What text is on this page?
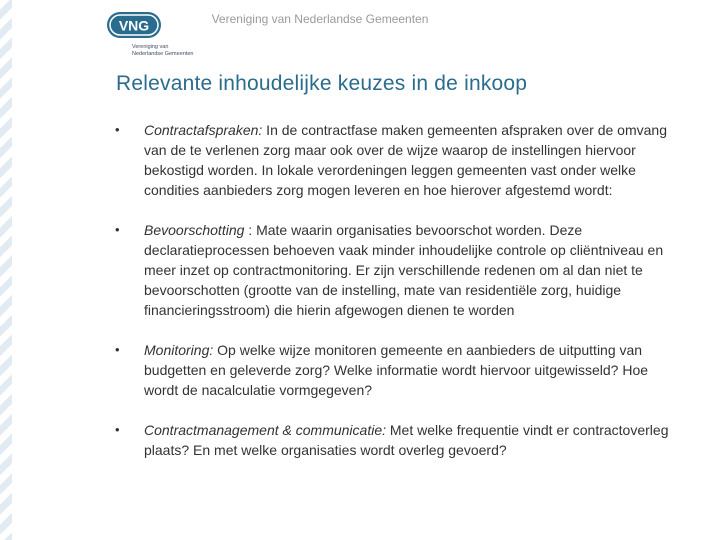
Vereniging van Nederlandse Gemeenten
VNG
Vereniging van
Nederlandse Gemeenten
Relevante inhoudelijke keuzes in de inkoop
• Contractafspraken: In de contractfase maken gemeenten afspraken over de omvang van de te verlenen zorg maar ook over de wijze waarop de instellingen hiervoor bekostigd worden. In lokale verordeningen leggen gemeenten vast onder welke condities aanbieders zorg mogen leveren en hoe hierover afgestemd wordt:
• Bevoorschotting : Mate waarin organisaties bevoorschot worden. Deze declaratieprocessen behoeven vaak minder inhoudelijke controle op cliëntniveau en meer inzet op contractmonitoring. Er zijn verschillende redenen om al dan niet te bevoorschotten (grootte van de instelling, mate van residentiële zorg, huidige financieringsstroom) die hierin afgewogen dienen te worden
• Monitoring: Op welke wijze monitoren gemeente en aanbieders de uitputting van budgetten en geleverde zorg? Welke informatie wordt hiervoor uitgewisseld? Hoe wordt de nacalculatie vormgegeven?
• Contractmanagement & communicatie: Met welke frequentie vindt er contractoverleg plaats? En met welke organisaties wordt overleg gevoerd?
